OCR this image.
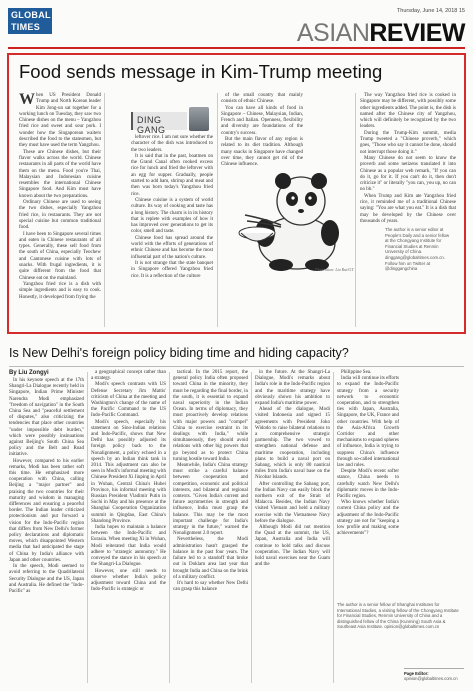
GLOBAL
TIMES
Thursday, June 14, 2018 15
ASIANREVIEW
Food sends message in Kim-Trump meeting

When US President Donald Trump and North Korean leader Kim Jong-un sat together for a working lunch on Tuesday, they saw two Chinese dishes on the menu – Yangzhou fried rice and sweet and sour pork. I wonder how the Singaporean waiters described the food to the statesmen, but they must have used the term Yangzhou.

These are Chinese dishes, but their flavor walks across the world. Chinese restaurants in all parts of the world have them on the menu. Food you're Thai, Malaysian and Indonesian cuisine resembles the international Chinese Singapore food. And Kim must have known about the two preparations.

Ordinary Chinese are used to seeing the two dishes, especially Yangzhou fried rice, in restaurants. They are not special cuisine but common traditional food.

I have been to Singapore several times and eaten in Chinese restaurants of all types. Generally, these sell food from the south of China, especially Teochew and Cantonese cuisine with lots of snacks. With frugal ingredients, it is quite different from the food that Chinese eat on the mainland.

Yangzhou fried rice is a dish with simple ingredients and is easy to cook. Honestly, it developed from frying the

DING GANG

leftover rice. I am not sure whether the character of the dish was introduced to the two leaders.

It is said that in the past, boatmen on the Grand Canal often cooked excess rice for lunch and fried the leftover with an egg for supper. Gradually, people started to add ham, shrimp and meat and then was born today's Yangzhou fried rice.

Chinese cuisine is a system of world culture. Its way of cooking and taste has a long history. The charm is in its history that is replete with examples of how it has improved over generations to get its color, smell and taste.

Chinese food has spread around the world with the efforts of generations of ethnic Chinese and has become the most influential part of the nation's culture.

It is not strange that the state banquet in Singapore offered Yangzhou fried rice. It is a reflection of the culture

of the small country that mainly consists of ethnic Chinese.

You can have all kinds of food in Singapore – Chinese, Malaysian, Indian, French and Italian. Openness, flexibility and diversity are foundations of the country's success.

But the main flavor of any region is related to its diet tradition. Although many snacks in Singapore have changed over time, they cannot get rid of the Chinese influence.

Illustration: Liu Rui/GT

The way Yangzhou fried rice is cooked in Singapore may be different, with possibly some other ingredients added. The point is, the dish is named after the Chinese city of Yangzhou, which will definitely be recognized by the two leaders.

During the Trump-Kim summit, media Trump tweeted a "Chinese proverb," which goes, "Those who say it cannot be done, should not interrupt those doing it."

Many Chinese do not seem to know the proverb and some netizens translated it into Chinese as a popular web remark, "If you can do it, go for it. If you can't do it, then don't criticize it" or literally "you can, you up, no can no bb."

When Trump and Kim ate Yangzhou fried rice, it reminded me of a traditional Chinese saying: "You are what you eat." It is a dish that may be developed by the Chinese over thousands of years.

The author is a senior editor at People's Daily and a senior fellow at the Chongyang Institute for Financial Studies at Renmin University of China. dinggang@globaltimes.com.cn. Follow him on Twitter at @dinggangchina
Is New Delhi's foreign policy biding time and hiding capacity?
By Liu Zongyi

In his keynote speech at the 17th Shangri-La Dialogue recently held in Singapore, Indian Prime Minister Narendra Modi emphasized "freedom of navigation" in the South China Sea and "peaceful settlement of disputes," also criticizing the tendencies that place other countries "under impossible debt burden," which were possibly insinuations against Beijing's South China Sea policy and the Belt and Road initiative.

However, compared to his earlier remarks, Modi has been rather soft this time. He emphasized more cooperation with China, calling Beijing a "major partner" and praising the two countries for their maturity and wisdom in managing differences and ensuring a peaceful border. The Indian leader criticized protectionism and put forward a vision for the Indo-Pacific region that differs from New Delhi's former policy declarations and diplomatic moves, which disappointed Western media that had anticipated the stage of China by India's alliance with Japan and other countries.

In the speech, Modi seemed to avoid referring to the Quadrilateral Security Dialogue and the US, Japan and Australia. He defined the "Indo-Pacific" as

a geographical concept rather than a strategy.

Modi's speech contrasts with US Defense Secretary Jim Mattis' criticism of China at the meeting and Washington's change of the name of the Pacific Command to the US Indo-Pacific Command.

Modi's speech, especially his statement on Sino-Indian relations and Indo-Pacific, shows that New Delhi has possibly adjusted its foreign policy back to the Nonalignment, a policy echoed in a speech by an Indian think tank in 2014. This adjustment can also be seen in Modi's informal meeting with Chinese President Xi Jinping in April in Wuhan, Central China's Hubei Province, his informal meeting with Russian President Vladimir Putin in Sochi in May and his presence at the Shanghai Cooperation Organization summit in Qingdao, East China's Shandong Province.

India hopes to maintain a balance between the Indo-Pacific and Eurasia. When meeting Xi in Wuhan, Modi reiterated that India would adhere to "strategic autonomy." He conveyed the stance in his speech at the Shangri-La Dialogue.

However, one still needs to observe whether India's policy adjustment toward China and the Indo-Pacific is strategic or

tactical. In the 2015 report, the general policy India often proposed toward China in the minority, they must be regarding the final border, in the south, it is essential to expand naval superiority in the Indian Ocean. In terms of diplomacy, they must proactively develop relations with major powers and "compel" China to exercise restraint in its dealings with India," while simultaneously, they should avoid relations with other big powers that go beyond as to protect China turning hostile toward India.

Meanwhile, India's China strategy must strike a careful balance between cooperation and competition, economic and political interests, and bilateral and regional contexts. "Given India's current and future asymmetries in strength and influence, India must grasp the balance. This may be the most important challenge for India's strategy in the future," warned the Nonalignment 2.0 report.

Nevertheless, the Modi administration hasn't grasped the balance in the past four years. The failure led to a standoff that broke out in Doklam area last year that brought India and China on the brink of a military conflict.

It's hard to say whether New Delhi can grasp this balance

in the future. At the Shangri-La Dialogue, Modi's remarks about India's role in the Indo-Pacific region and the maritime strategy have obviously shown his ambition to expand India's maritime power.

Ahead of the dialogue, Modi visited Indonesia and signed 15 agreements with President Joko Widodo to raise bilateral relations to a comprehensive strategic partnership. The two vowed to strengthen national defense and maritime cooperation, including plans to build a naval port on Sabang, which is only 80 nautical miles from India's naval base on the Nicobar Islands.

After controlling the Sabang port, the Indian Navy can easily block the northern exit of the Strait of Malacca. Besides, the Indian Navy visited Vietnam and held a military exercise with the Vietnamese Navy before the dialogue.

Although Modi did not mention the Quad at the summit, the US, Japan, Australia and India will continue to hold talks and discuss cooperation. The Indian Navy will hold naval exercises near the Guam and the

Philippine Sea.

India will continue its efforts to expand the Indo-Pacific strategy from a security network to economic cooperation, and to strengthen ties with Japan, Australia, Singapore, the UK, France and other countries. With help of the Asia-Africa Growth Corridor and other mechanisms to expand spheres of influence, India is trying to suppress China's influence through so-called international law and rules.

Despite Modi's recent softer stance, China needs to carefully watch New Delhi's diplomatic moves in the Indo-Pacific region.

Who knows whether India's current China policy and the adjustment of the Indo-Pacific strategy are not for "keeping a low profile and making some achievements"?

The author is a senior fellow of Shanghai Institutes for International Studies, a visiting fellow of the Chongyang Institute for Financial Studies, Renmin University of China and a distinguished fellow of the China (Kunming) South Asia & Southeast Asia Institute. opinion@globaltimes.com.cn
Page Editor: opinion@globaltimes.com.cn
